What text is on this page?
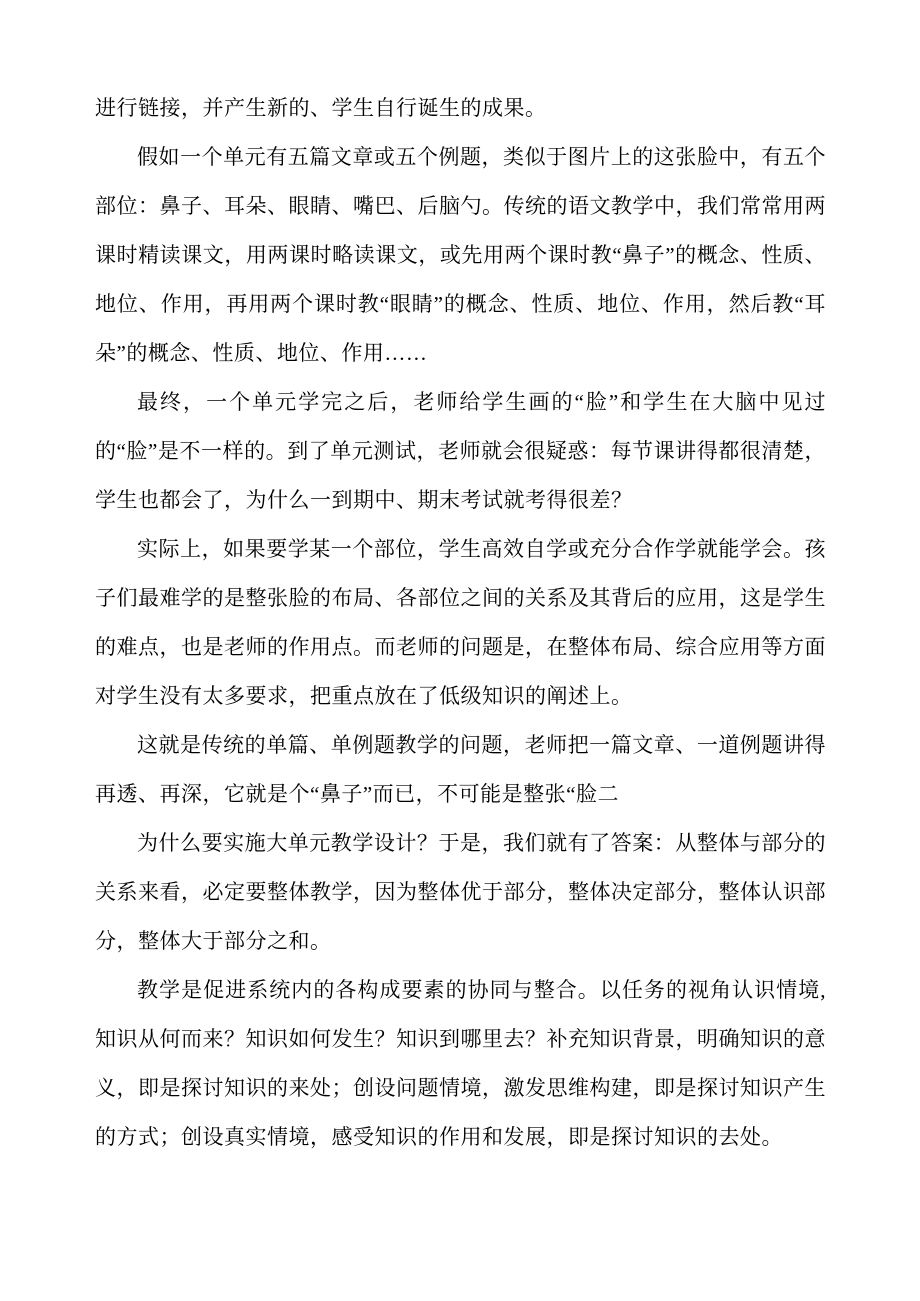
进行链接，并产生新的、学生自行诞生的成果。

假如一个单元有五篇文章或五个例题，类似于图片上的这张脸中，有五个部位：鼻子、耳朵、眼睛、嘴巴、后脑勺。传统的语文教学中，我们常常用两课时精读课文，用两课时略读课文，或先用两个课时教“鼻子”的概念、性质、地位、作用，再用两个课时教“眼睛”的概念、性质、地位、作用，然后教“耳朵”的概念、性质、地位、作用……

最终，一个单元学完之后，老师给学生画的“脸”和学生在大脑中见过的“脸”是不一样的。到了单元测试，老师就会很疑惑：每节课讲得都很清楚，学生也都会了，为什么一到期中、期末考试就考得很差？

实际上，如果要学某一个部位，学生高效自学或充分合作学就能学会。孩子们最难学的是整张脸的布局、各部位之间的关系及其背后的应用，这是学生的难点，也是老师的作用点。而老师的问题是，在整体布局、综合应用等方面对学生没有太多要求，把重点放在了低级知识的阐述上。

这就是传统的单篇、单例题教学的问题，老师把一篇文章、一道例题讲得再透、再深，它就是个“鼻子”而已，不可能是整张“脸二

为什么要实施大单元教学设计？于是，我们就有了答案：从整体与部分的关系来看，必定要整体教学，因为整体优于部分，整体决定部分，整体认识部分，整体大于部分之和。

教学是促进系统内的各构成要素的协同与整合。以任务的视角认识情境,知识从何而来？知识如何发生？知识到哪里去？补充知识背景，明确知识的意义，即是探讨知识的来处；创设问题情境，激发思维构建，即是探讨知识产生的方式；创设真实情境，感受知识的作用和发展，即是探讨知识的去处。
